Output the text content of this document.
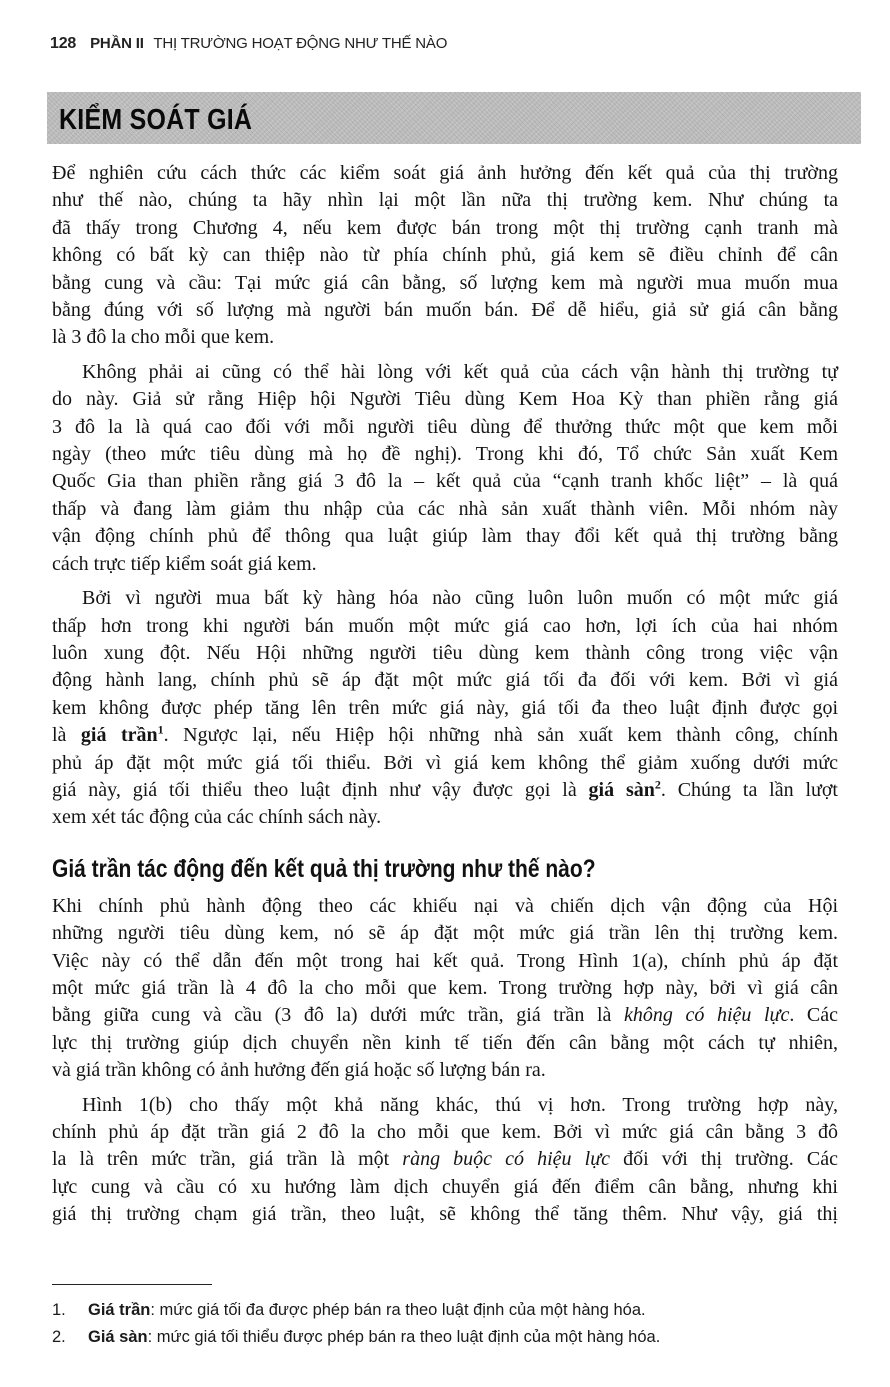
128 PHẦN II THỊ TRƯỜNG HOẠT ĐỘNG NHƯ THẾ NÀO
KIỂM SOÁT GIÁ
Để nghiên cứu cách thức các kiểm soát giá ảnh hưởng đến kết quả của thị trường
như thế nào, chúng ta hãy nhìn lại một lần nữa thị trường kem. Như chúng ta
đã thấy trong Chương 4, nếu kem được bán trong một thị trường cạnh tranh mà
không có bất kỳ can thiệp nào từ phía chính phủ, giá kem sẽ điều chỉnh để cân
bằng cung và cầu: Tại mức giá cân bằng, số lượng kem mà người mua muốn mua
bằng đúng với số lượng mà người bán muốn bán. Để dễ hiểu, giả sử giá cân bằng
là 3 đô la cho mỗi que kem.
Không phải ai cũng có thể hài lòng với kết quả của cách vận hành thị trường tự
do này. Giả sử rằng Hiệp hội Người Tiêu dùng Kem Hoa Kỳ than phiền rằng giá
3 đô la là quá cao đối với mỗi người tiêu dùng để thưởng thức một que kem mỗi
ngày (theo mức tiêu dùng mà họ đề nghị). Trong khi đó, Tổ chức Sản xuất Kem
Quốc Gia than phiền rằng giá 3 đô la – kết quả của “cạnh tranh khốc liệt” – là quá
thấp và đang làm giảm thu nhập của các nhà sản xuất thành viên. Mỗi nhóm này
vận động chính phủ để thông qua luật giúp làm thay đổi kết quả thị trường bằng
cách trực tiếp kiểm soát giá kem.
Bởi vì người mua bất kỳ hàng hóa nào cũng luôn luôn muốn có một mức giá
thấp hơn trong khi người bán muốn một mức giá cao hơn, lợi ích của hai nhóm
luôn xung đột. Nếu Hội những người tiêu dùng kem thành công trong việc vận
động hành lang, chính phủ sẽ áp đặt một mức giá tối đa đối với kem. Bởi vì giá
kem không được phép tăng lên trên mức giá này, giá tối đa theo luật định được gọi
là giá trần$^1$. Ngược lại, nếu Hiệp hội những nhà sản xuất kem thành công, chính
phủ áp đặt một mức giá tối thiểu. Bởi vì giá kem không thể giảm xuống dưới mức
giá này, giá tối thiểu theo luật định như vậy được gọi là giá sàn$^2$. Chúng ta lần lượt
xem xét tác động của các chính sách này.
Giá trần tác động đến kết quả thị trường như thế nào?
Khi chính phủ hành động theo các khiếu nại và chiến dịch vận động của Hội
những người tiêu dùng kem, nó sẽ áp đặt một mức giá trần lên thị trường kem.
Việc này có thể dẫn đến một trong hai kết quả. Trong Hình 1(a), chính phủ áp đặt
một mức giá trần là 4 đô la cho mỗi que kem. Trong trường hợp này, bởi vì giá cân
bằng giữa cung và cầu (3 đô la) dưới mức trần, giá trần là không có hiệu lực. Các
lực thị trường giúp dịch chuyển nền kinh tế tiến đến cân bằng một cách tự nhiên,
và giá trần không có ảnh hưởng đến giá hoặc số lượng bán ra.
Hình 1(b) cho thấy một khả năng khác, thú vị hơn. Trong trường hợp này,
chính phủ áp đặt trần giá 2 đô la cho mỗi que kem. Bởi vì mức giá cân bằng 3 đô
la là trên mức trần, giá trần là một ràng buộc có hiệu lực đối với thị trường. Các
lực cung và cầu có xu hướng làm dịch chuyển giá đến điểm cân bằng, nhưng khi
giá thị trường chạm giá trần, theo luật, sẽ không thể tăng thêm. Như vậy, giá thị
1. Giá trần: mức giá tối đa được phép bán ra theo luật định của một hàng hóa.
2. Giá sàn: mức giá tối thiểu được phép bán ra theo luật định của một hàng hóa.
